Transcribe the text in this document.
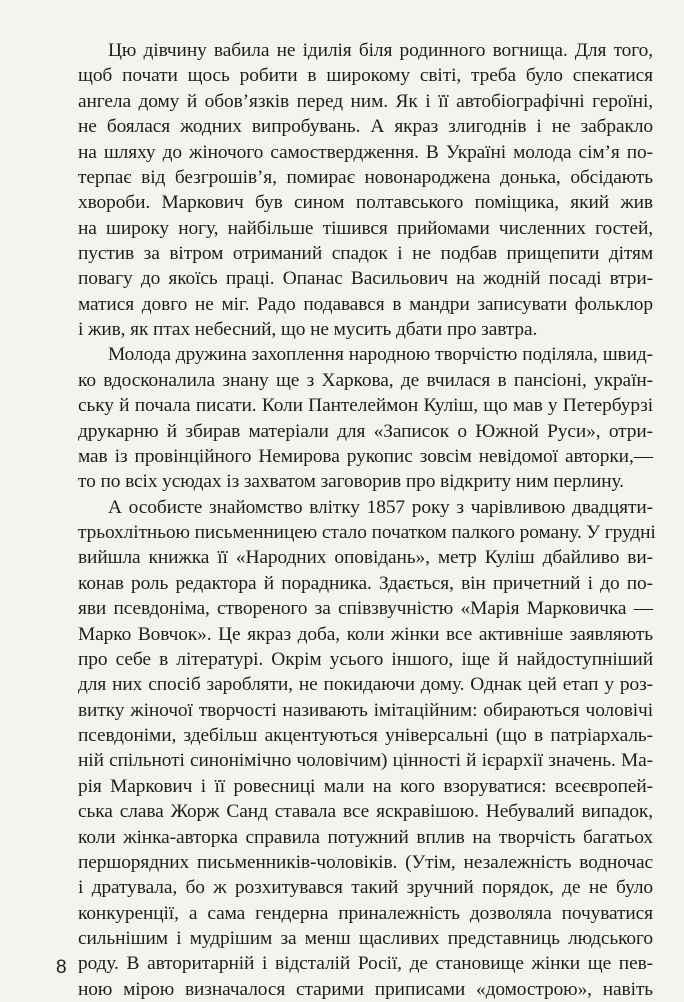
Цю дівчину вабила не ідилія біля родинного вогнища. Для того,
щоб почати щось робити в широкому світі, треба було спекатися
ангела дому й обов’язків перед ним. Як і її автобіографічні героїні,
не боялася жодних випробувань. А якраз злигоднів і не забракло
на шляху до жіночого самоствердження. В Україні молода сім’я по-
терпає від безгрошів’я, помирає новонароджена донька, обсідають
хвороби. Маркович був сином полтавського поміщика, який жив
на широку ногу, найбільше тішився прийомами численних гостей,
пустив за вітром отриманий спадок і не подбав прищепити дітям
повагу до якоїсь праці. Опанас Васильович на жодній посаді втри-
матися довго не міг. Радо подавався в мандри записувати фольклор
і жив, як птах небесний, що не мусить дбати про завтра.
Молода дружина захоплення народною творчістю поділяла, швид-
ко вдосконалила знану ще з Харкова, де вчилася в пансіоні, україн-
ську й почала писати. Коли Пантелеймон Куліш, що мав у Петербурзі
друкарню й збирав матеріали для «Записок о Южной Руси», отри-
мав із провінційного Немирова рукопис зовсім невідомої авторки,—
то по всіх усюдах із захватом заговорив про відкриту ним перлину.
А особисте знайомство влітку 1857 року з чарівливою двадцяти-
трьохлітньою письменницею стало початком палкого роману. У грудні
вийшла книжка її «Народних оповідань», метр Куліш дбайливо ви-
конав роль редактора й порадника. Здається, він причетний і до по-
яви псевдоніма, створеного за співзвучністю «Марія Марковичка —
Марко Вовчок». Це якраз доба, коли жінки все активніше заявляють
про себе в літературі. Окрім усього іншого, іще й найдоступніший
для них спосіб заробляти, не покидаючи дому. Однак цей етап у роз-
витку жіночої творчості називають імітаційним: обираються чоловічі
псевдоніми, здебільш акцентуються універсальні (що в патріархаль-
ній спільноті синонімічно чоловічим) цінності й ієрархії значень. Ма-
рія Маркович і її ровесниці мали на кого взоруватися: всеєвропей-
ська слава Жорж Санд ставала все яскравішою. Небувалий випадок,
коли жінка-авторка справила потужний вплив на творчість багатьох
першорядних письменників-чоловіків. (Утім, незалежність водночас
і дратувала, бо ж розхитувався такий зручний порядок, де не було
конкуренції, а сама гендерна приналежність дозволяла почуватися
сильнішим і мудрішим за менш щасливих представниць людського
роду. В авторитарній і відсталій Росії, де становище жінки ще пев-
ною мірою визначалося старими приписами «домострою», навіть
8
